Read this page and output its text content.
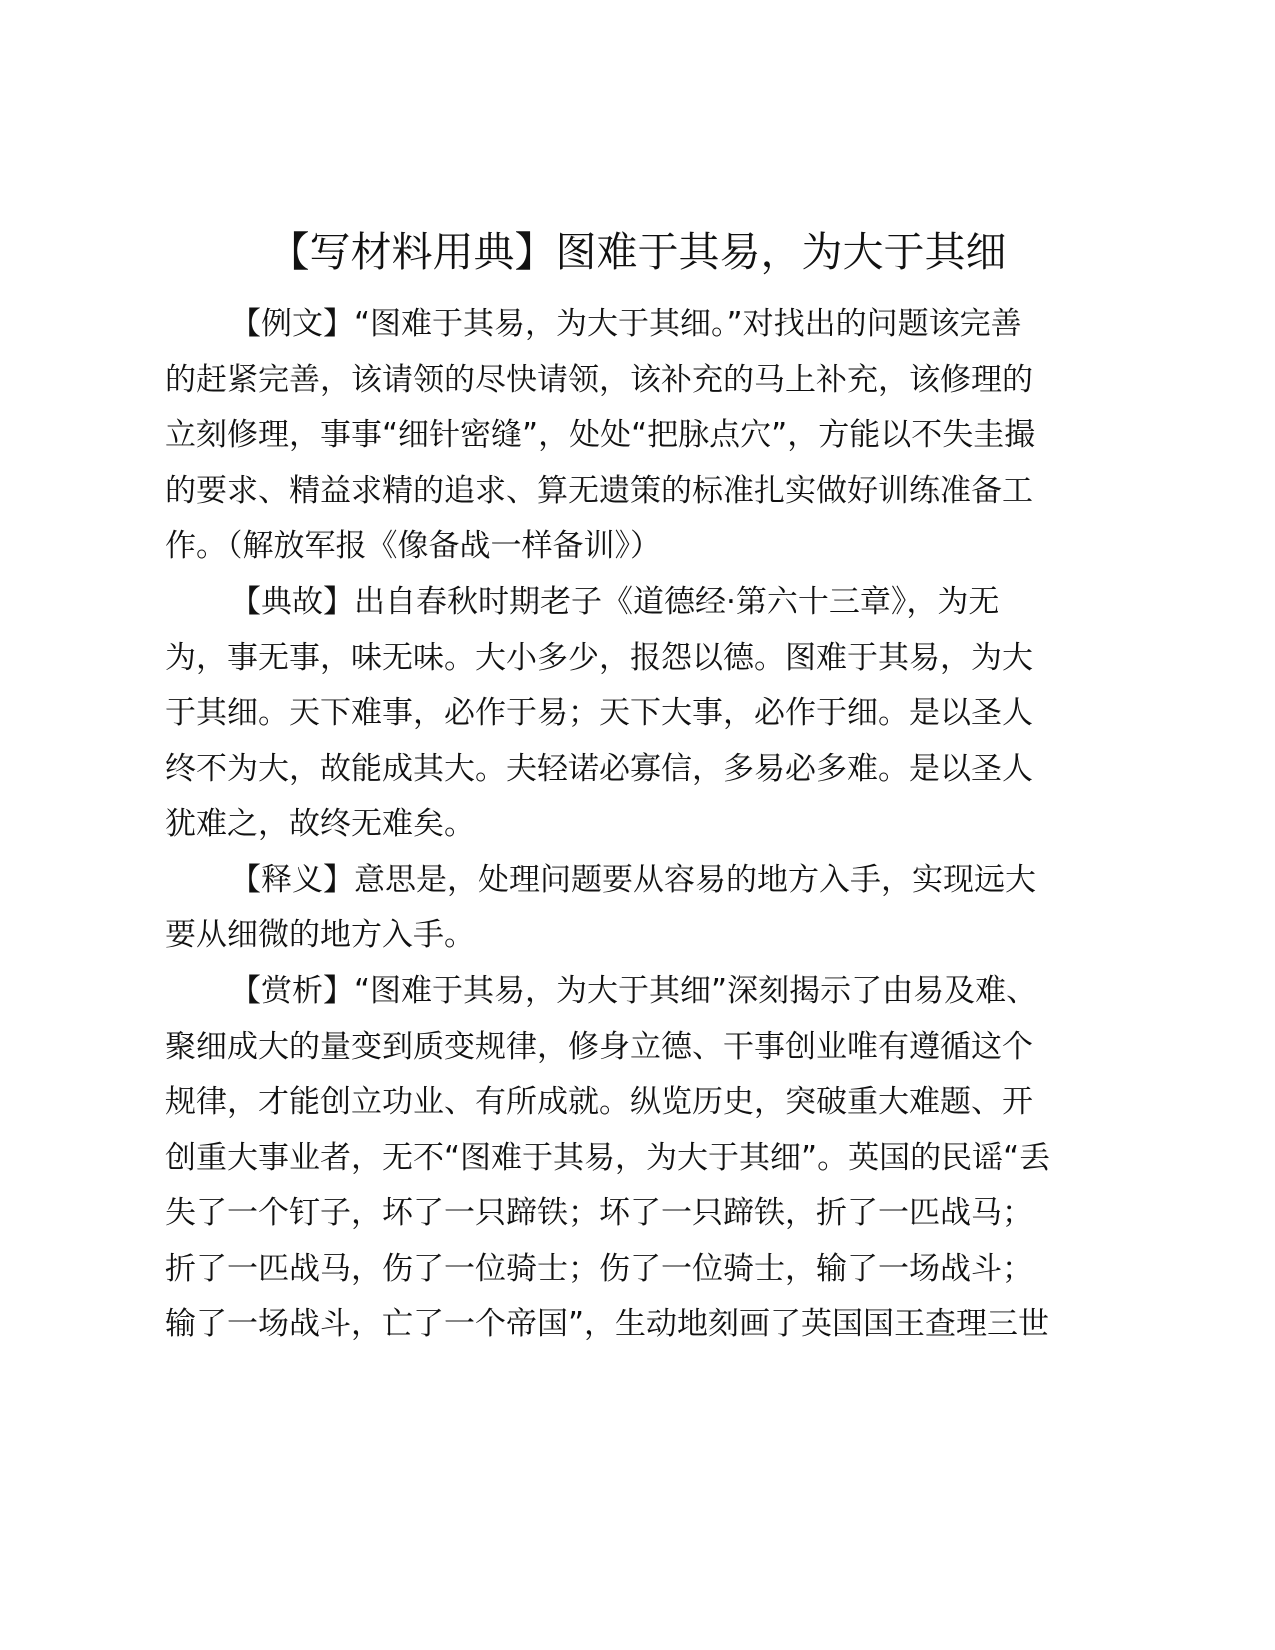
【写材料用典】图难于其易，为大于其细

【例文】“图难于其易，为大于其细。”对找出的问题该完善

的赶紧完善，该请领的尽快请领，该补充的马上补充，该修理的

立刻修理，事事“细针密缝”，处处“把脉点穴”，方能以不失圭撮

的要求、精益求精的追求、算无遗策的标准扎实做好训练准备工

作。（解放军报《像备战一样备训》）

【典故】出自春秋时期老子《道德经·第六十三章》，为无

为，事无事，味无味。大小多少，报怨以德。图难于其易，为大

于其细。天下难事，必作于易；天下大事，必作于细。是以圣人

终不为大，故能成其大。夫轻诺必寡信，多易必多难。是以圣人

犹难之，故终无难矣。

【释义】意思是，处理问题要从容易的地方入手，实现远大

要从细微的地方入手。

【赏析】“图难于其易，为大于其细”深刻揭示了由易及难、

聚细成大的量变到质变规律，修身立德、干事创业唯有遵循这个

规律，才能创立功业、有所成就。纵览历史，突破重大难题、开

创重大事业者，无不“图难于其易，为大于其细”。英国的民谣“丢

失了一个钉子，坏了一只蹄铁；坏了一只蹄铁，折了一匹战马；

折了一匹战马，伤了一位骑士；伤了一位骑士，输了一场战斗；

输了一场战斗，亡了一个帝国”，生动地刻画了英国国王查理三世
